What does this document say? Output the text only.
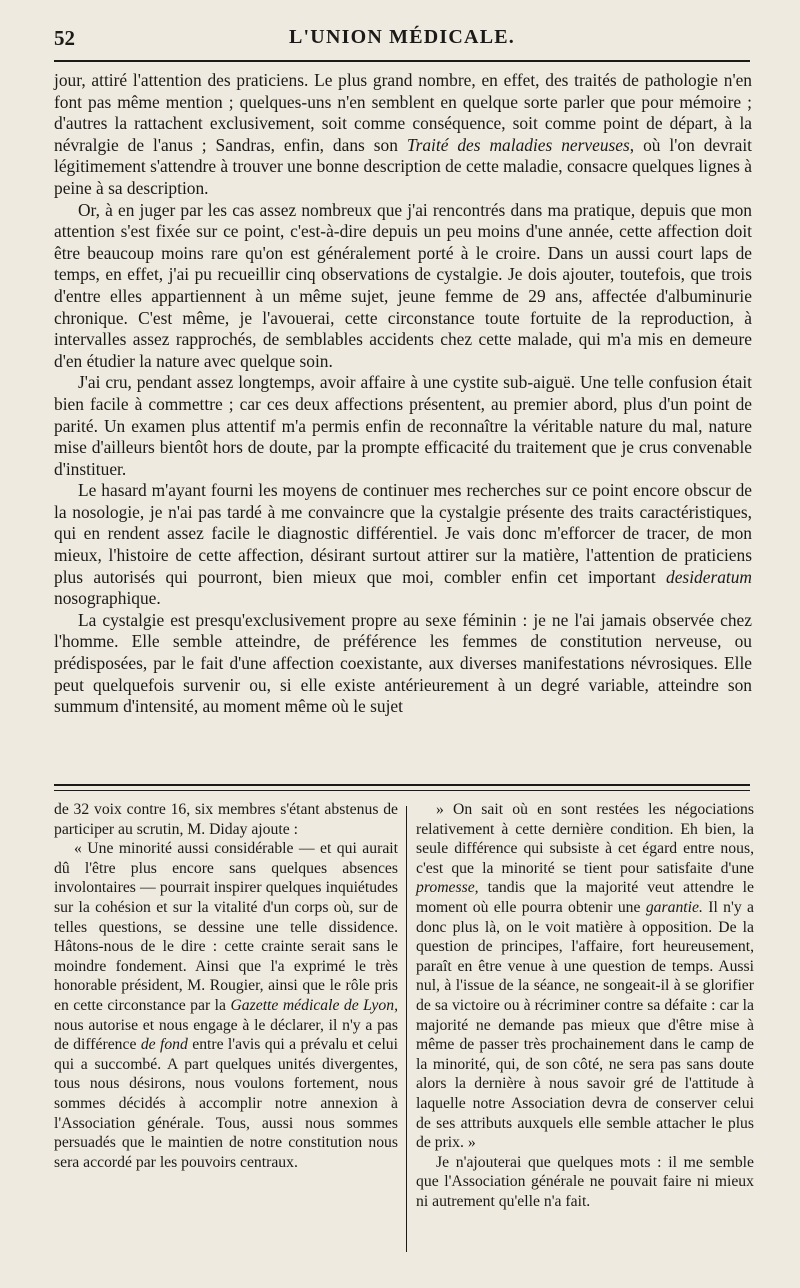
52	L'UNION MÉDICALE.

jour, attiré l'attention des praticiens. Le plus grand nombre, en effet, des traités de pathologie n'en font pas même mention ; quelques-uns n'en semblent en quelque sorte parler que pour mémoire ; d'autres la rattachent exclusivement, soit comme conséquence, soit comme point de départ, à la névralgie de l'anus ; Sandras, enfin, dans son Traité des maladies nerveuses, où l'on devrait légitimement s'attendre à trouver une bonne description de cette maladie, consacre quelques lignes à peine à sa description.

Or, à en juger par les cas assez nombreux que j'ai rencontrés dans ma pratique, depuis que mon attention s'est fixée sur ce point, c'est-à-dire depuis un peu moins d'une année, cette affection doit être beaucoup moins rare qu'on est généralement porté à le croire. Dans un aussi court laps de temps, en effet, j'ai pu recueillir cinq observations de cystalgie. Je dois ajouter, toutefois, que trois d'entre elles appartiennent à un même sujet, jeune femme de 29 ans, affectée d'albuminurie chronique. C'est même, je l'avouerai, cette circonstance toute fortuite de la reproduction, à intervalles assez rapprochés, de semblables accidents chez cette malade, qui m'a mis en demeure d'en étudier la nature avec quelque soin.

J'ai cru, pendant assez longtemps, avoir affaire à une cystite sub-aiguë. Une telle confusion était bien facile à commettre ; car ces deux affections présentent, au premier abord, plus d'un point de parité. Un examen plus attentif m'a permis enfin de reconnaître la véritable nature du mal, nature mise d'ailleurs bientôt hors de doute, par la prompte efficacité du traitement que je crus convenable d'instituer.

Le hasard m'ayant fourni les moyens de continuer mes recherches sur ce point encore obscur de la nosologie, je n'ai pas tardé à me convaincre que la cystalgie présente des traits caractéristiques, qui en rendent assez facile le diagnostic différentiel. Je vais donc m'efforcer de tracer, de mon mieux, l'histoire de cette affection, désirant surtout attirer sur la matière, l'attention de praticiens plus autorisés qui pourront, bien mieux que moi, combler enfin cet important desideratum nosographique.

La cystalgie est presqu'exclusivement propre au sexe féminin : je ne l'ai jamais observée chez l'homme. Elle semble atteindre, de préférence les femmes de constitution nerveuse, ou prédisposées, par le fait d'une affection coexistante, aux diverses manifestations névrosiques. Elle peut quelquefois survenir ou, si elle existe antérieurement à un degré variable, atteindre son summum d'intensité, au moment même où le sujet

de 32 voix contre 16, six membres s'étant abstenus de participer au scrutin, M. Diday ajoute :

« Une minorité aussi considérable — et qui aurait dû l'être plus encore sans quelques absences involontaires — pourrait inspirer quelques inquiétudes sur la cohésion et sur la vitalité d'un corps où, sur de telles questions, se dessine une telle dissidence. Hâtons-nous de le dire : cette crainte serait sans le moindre fondement. Ainsi que l'a exprimé le très honorable président, M. Rougier, ainsi que le rôle pris en cette circonstance par la Gazette médicale de Lyon, nous autorise et nous engage à le déclarer, il n'y a pas de différence de fond entre l'avis qui a prévalu et celui qui a succombé. A part quelques unités divergentes, tous nous désirons, nous voulons fortement, nous sommes décidés à accomplir notre annexion à l'Association générale. Tous, aussi nous sommes persuadés que le maintien de notre constitution nous sera accordé par les pouvoirs centraux.

» On sait où en sont restées les négociations relativement à cette dernière condition. Eh bien, la seule différence qui subsiste à cet égard entre nous, c'est que la minorité se tient pour satisfaite d'une promesse, tandis que la majorité veut attendre le moment où elle pourra obtenir une garantie. Il n'y a donc plus là, on le voit matière à opposition. De la question de principes, l'affaire, fort heureusement, paraît en être venue à une question de temps. Aussi nul, à l'issue de la séance, ne songeait-il à se glorifier de sa victoire ou à récriminer contre sa défaite : car la majorité ne demande pas mieux que d'être mise à même de passer très prochainement dans le camp de la minorité, qui, de son côté, ne sera pas sans doute alors la dernière à nous savoir gré de l'attitude à laquelle notre Association devra de conserver celui de ses attributs auxquels elle semble attacher le plus de prix. »

Je n'ajouterai que quelques mots : il me semble que l'Association générale ne pouvait faire ni mieux ni autrement qu'elle n'a fait.
